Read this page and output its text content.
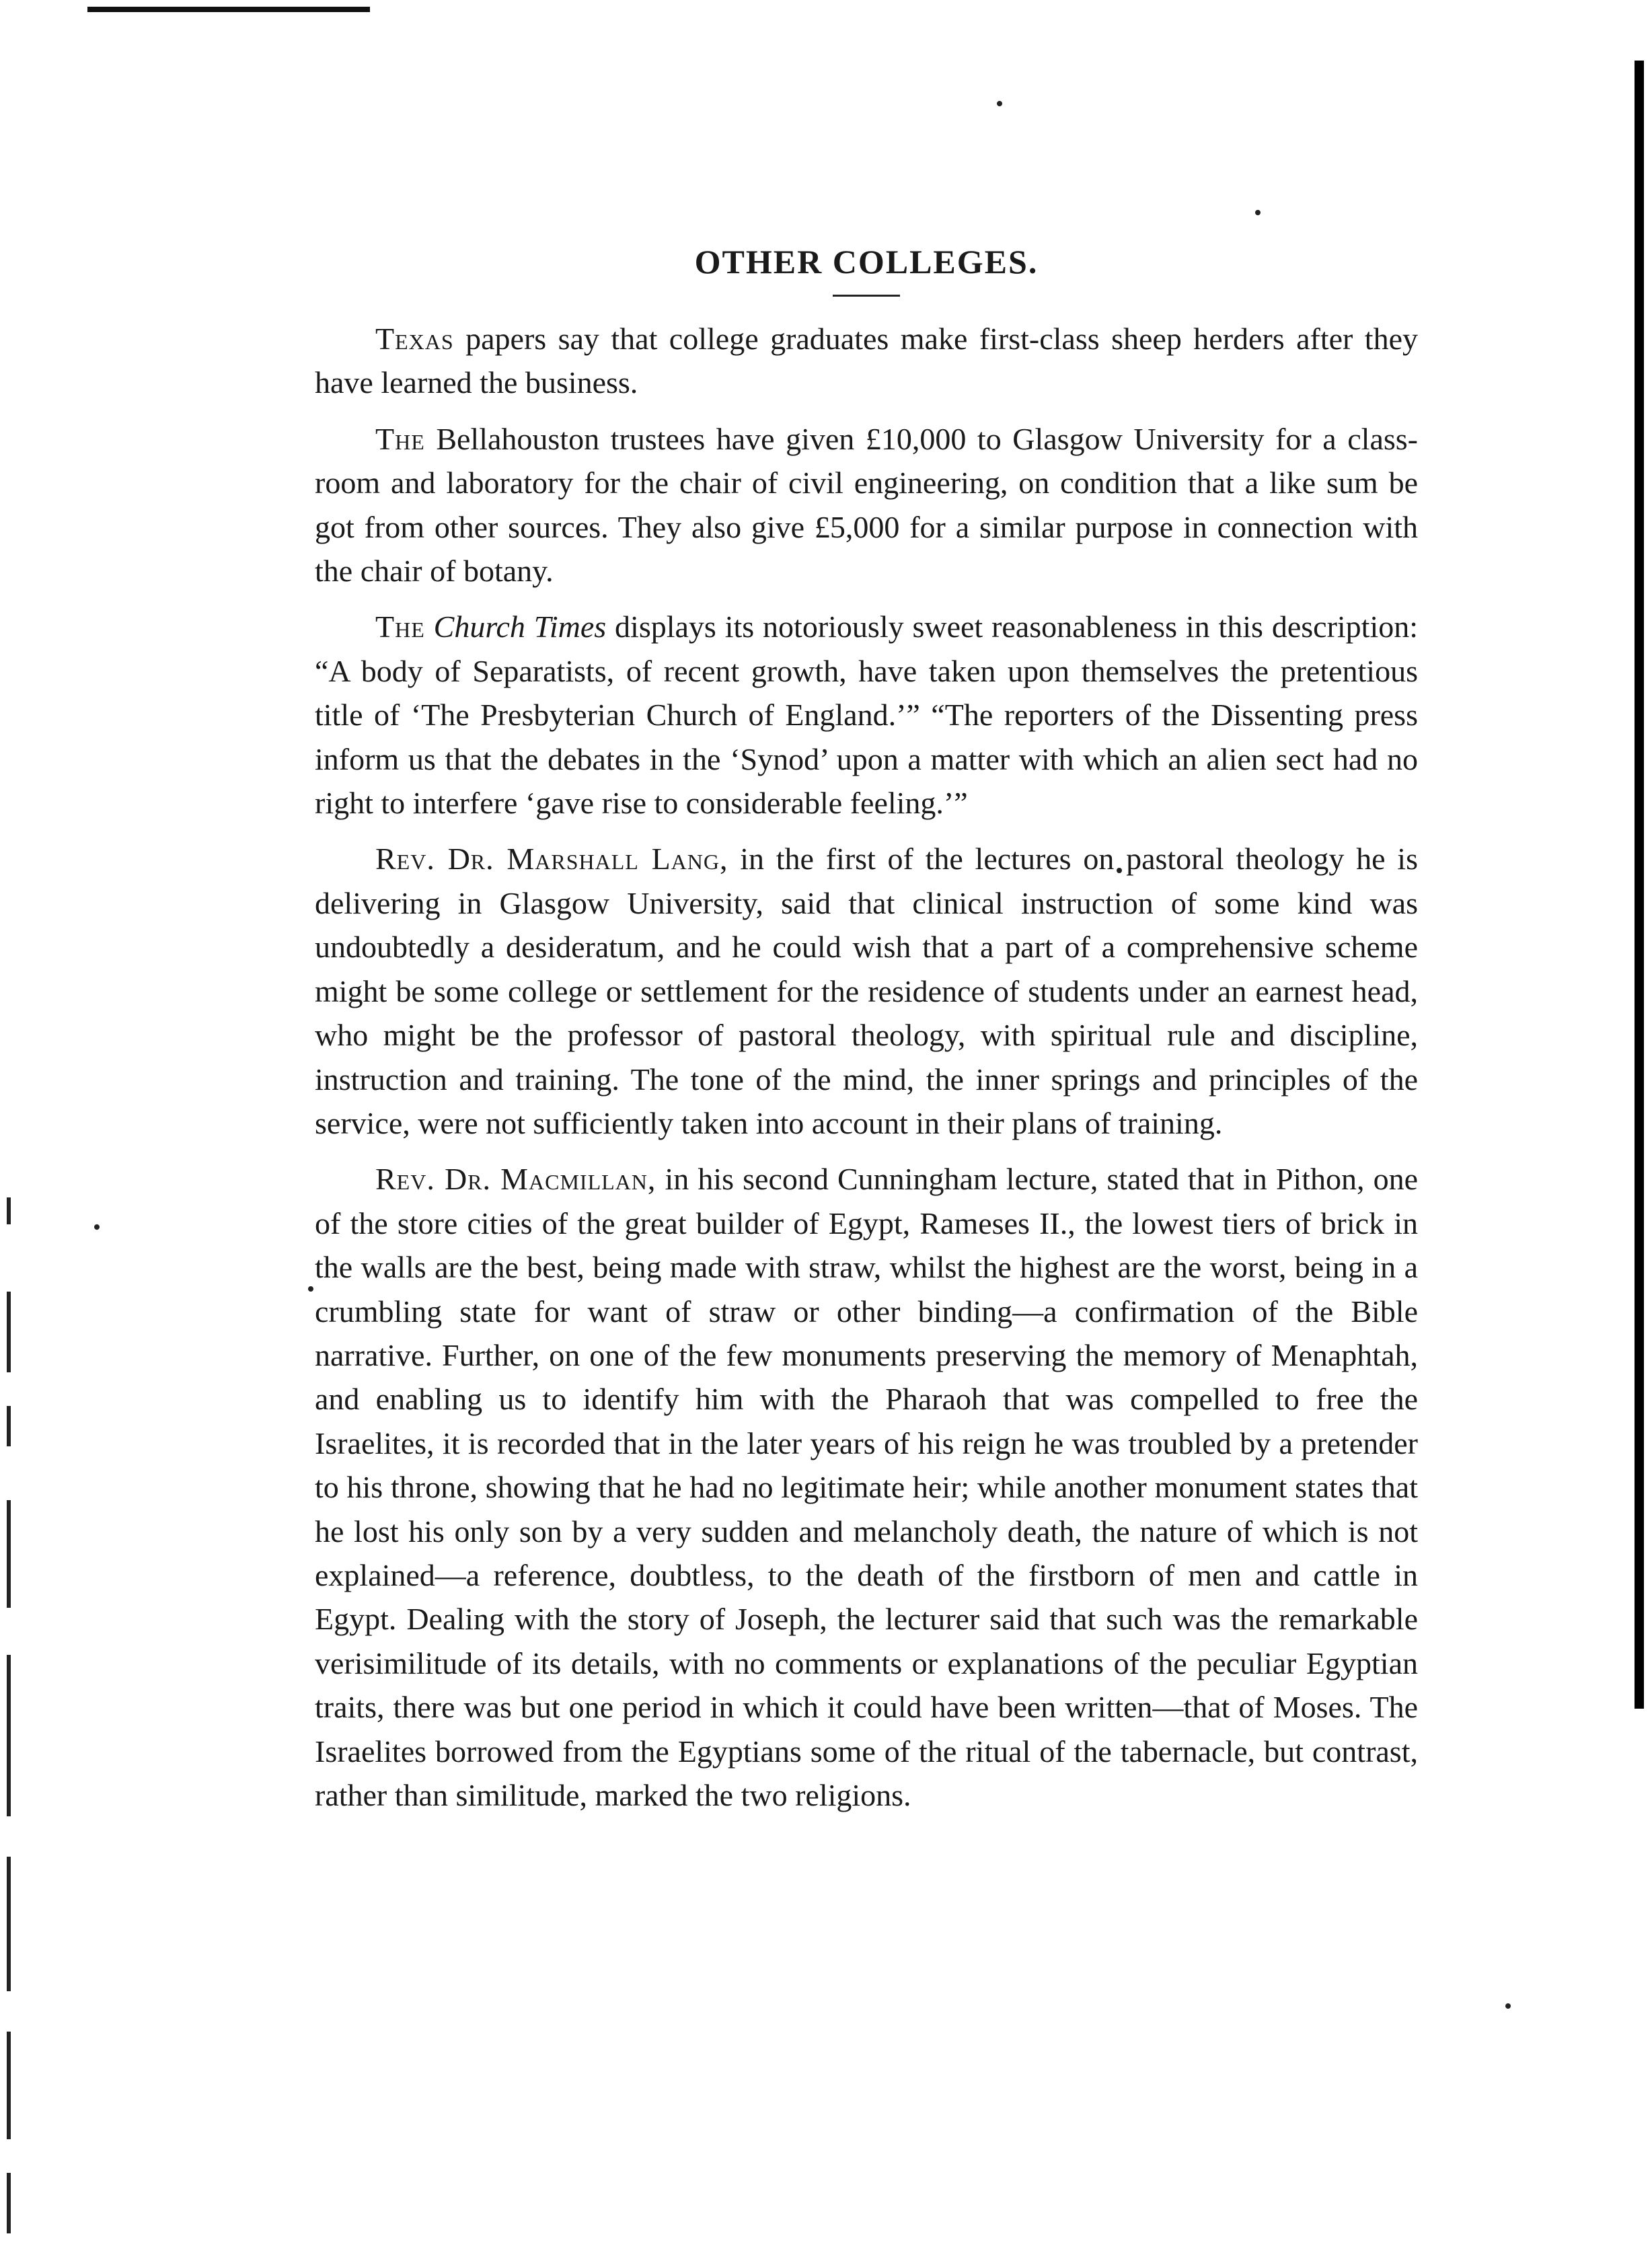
OTHER COLLEGES.

Texas papers say that college graduates make first-class sheep herders after they have learned the business.

The Bellahouston trustees have given £10,000 to Glasgow University for a class-room and laboratory for the chair of civil engineering, on condition that a like sum be got from other sources. They also give £5,000 for a similar purpose in connection with the chair of botany.

The Church Times displays its notoriously sweet reasonableness in this description: “A body of Separatists, of recent growth, have taken upon themselves the pretentious title of ‘The Presbyterian Church of England.’” “The reporters of the Dissenting press inform us that the debates in the ‘Synod’ upon a matter with which an alien sect had no right to interfere ‘gave rise to considerable feeling.’”

Rev. Dr. Marshall Lang, in the first of the lectures on pastoral theology he is delivering in Glasgow University, said that clinical instruction of some kind was undoubtedly a desideratum, and he could wish that a part of a comprehensive scheme might be some college or settlement for the residence of students under an earnest head, who might be the professor of pastoral theology, with spiritual rule and discipline, instruction and training. The tone of the mind, the inner springs and principles of the service, were not sufficiently taken into account in their plans of training.

Rev. Dr. Macmillan, in his second Cunningham lecture, stated that in Pithon, one of the store cities of the great builder of Egypt, Rameses II., the lowest tiers of brick in the walls are the best, being made with straw, whilst the highest are the worst, being in a crumbling state for want of straw or other binding—a confirmation of the Bible narrative. Further, on one of the few monuments preserving the memory of Menaphtah, and enabling us to identify him with the Pharaoh that was compelled to free the Israelites, it is recorded that in the later years of his reign he was troubled by a pretender to his throne, showing that he had no legitimate heir; while another monument states that he lost his only son by a very sudden and melancholy death, the nature of which is not explained—a reference, doubtless, to the death of the firstborn of men and cattle in Egypt. Dealing with the story of Joseph, the lecturer said that such was the remarkable verisimilitude of its details, with no comments or explanations of the peculiar Egyptian traits, there was but one period in which it could have been written—that of Moses. The Israelites borrowed from the Egyptians some of the ritual of the tabernacle, but contrast, rather than similitude, marked the two religions.
